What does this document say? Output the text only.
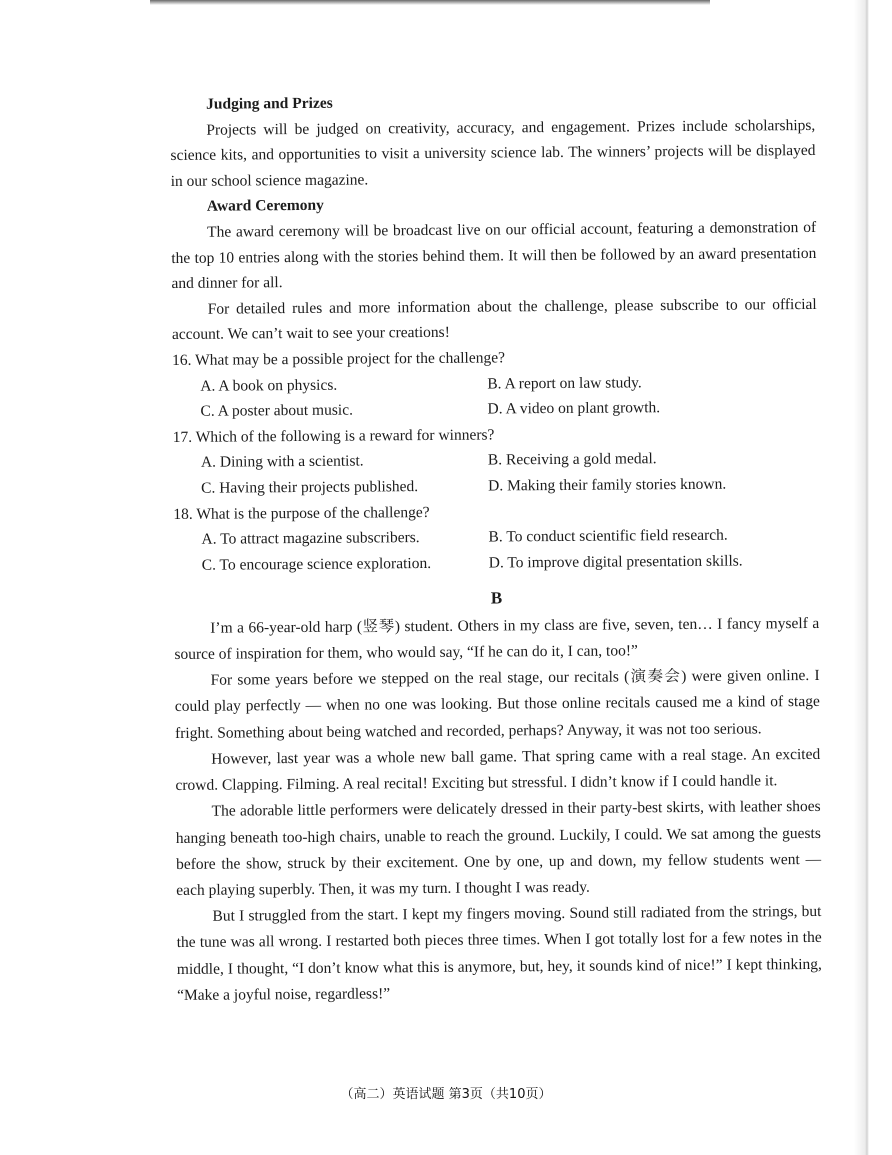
Judging and Prizes
Projects will be judged on creativity, accuracy, and engagement. Prizes include scholarships, science kits, and opportunities to visit a university science lab. The winners’ projects will be displayed in our school science magazine.
Award Ceremony
The award ceremony will be broadcast live on our official account, featuring a demonstration of the top 10 entries along with the stories behind them. It will then be followed by an award presentation and dinner for all.
For detailed rules and more information about the challenge, please subscribe to our official account. We can’t wait to see your creations!
16. What may be a possible project for the challenge?
A. A book on physics.	B. A report on law study.
C. A poster about music.	D. A video on plant growth.
17. Which of the following is a reward for winners?
A. Dining with a scientist.	B. Receiving a gold medal.
C. Having their projects published.	D. Making their family stories known.
18. What is the purpose of the challenge?
A. To attract magazine subscribers.	B. To conduct scientific field research.
C. To encourage science exploration.	D. To improve digital presentation skills.
B
I’m a 66-year-old harp (竖琴) student. Others in my class are five, seven, ten… I fancy myself a source of inspiration for them, who would say, “If he can do it, I can, too!”
For some years before we stepped on the real stage, our recitals (演奏会) were given online. I could play perfectly — when no one was looking. But those online recitals caused me a kind of stage fright. Something about being watched and recorded, perhaps? Anyway, it was not too serious.
However, last year was a whole new ball game. That spring came with a real stage. An excited crowd. Clapping. Filming. A real recital! Exciting but stressful. I didn’t know if I could handle it.
The adorable little performers were delicately dressed in their party-best skirts, with leather shoes hanging beneath too-high chairs, unable to reach the ground. Luckily, I could. We sat among the guests before the show, struck by their excitement. One by one, up and down, my fellow students went — each playing superbly. Then, it was my turn. I thought I was ready.
But I struggled from the start. I kept my fingers moving. Sound still radiated from the strings, but the tune was all wrong. I restarted both pieces three times. When I got totally lost for a few notes in the middle, I thought, “I don’t know what this is anymore, but, hey, it sounds kind of nice!” I kept thinking, “Make a joyful noise, regardless!”
（高二）英语试题 第3页（共10页）
